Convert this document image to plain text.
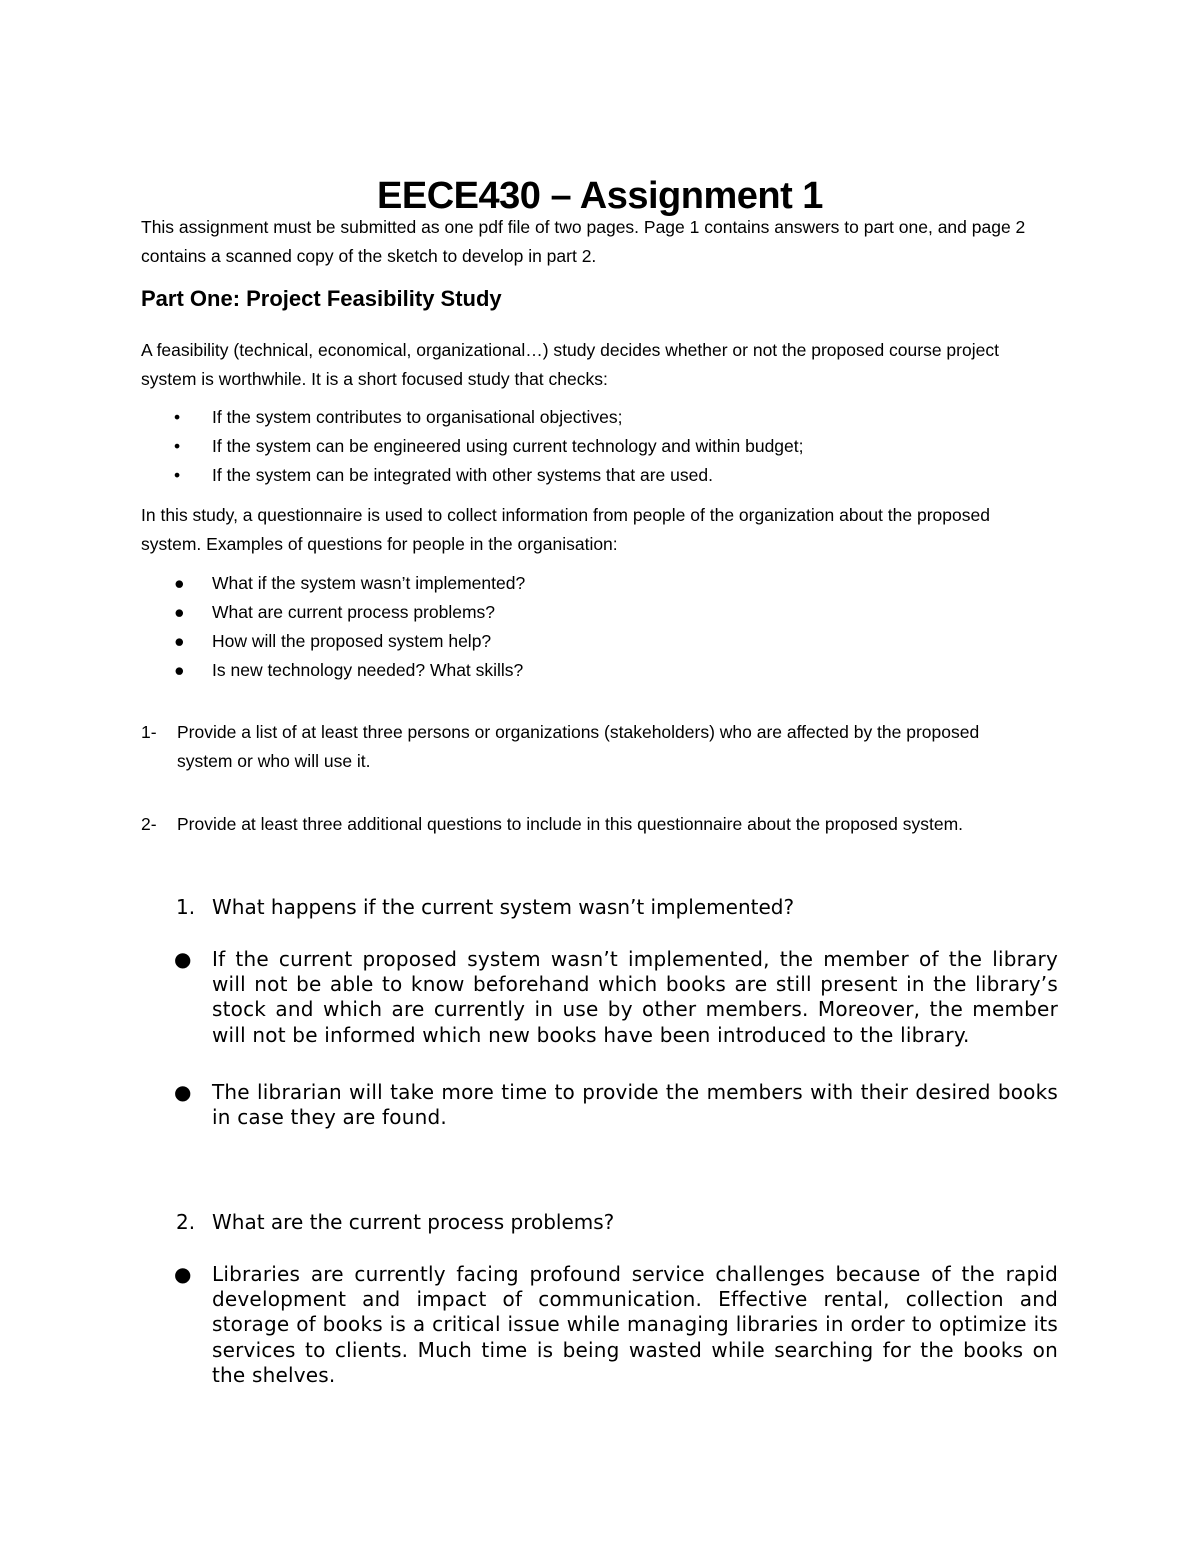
EECE430 – Assignment 1

This assignment must be submitted as one pdf file of two pages. Page 1 contains answers to part one, and page 2 contains a scanned copy of the sketch to develop in part 2.

Part One: Project Feasibility Study

A feasibility (technical, economical, organizational…) study decides whether or not the proposed course project system is worthwhile. It is a short focused study that checks:

• If the system contributes to organisational objectives;
• If the system can be engineered using current technology and within budget;
• If the system can be integrated with other systems that are used.

In this study, a questionnaire is used to collect information from people of the organization about the proposed system. Examples of questions for people in the organisation:

● What if the system wasn’t implemented?
● What are current process problems?
● How will the proposed system help?
● Is new technology needed? What skills?
1-	Provide a list of at least three persons or organizations (stakeholders) who are affected by the proposed system or who will use it.
2-	Provide at least three additional questions to include in this questionnaire about the proposed system.
1. What happens if the current system wasn’t implemented?
●	If the current proposed system wasn’t implemented, the member of the library will not be able to know beforehand which books are still present in the library’s stock and which are currently in use by other members. Moreover, the member will not be informed which new books have been introduced to the library.
●	The librarian will take more time to provide the members with their desired books in case they are found.
2. What are the current process problems?
●	Libraries are currently facing profound service challenges because of the rapid development and impact of communication. Effective rental, collection and storage of books is a critical issue while managing libraries in order to optimize its services to clients. Much time is being wasted while searching for the books on the shelves.
